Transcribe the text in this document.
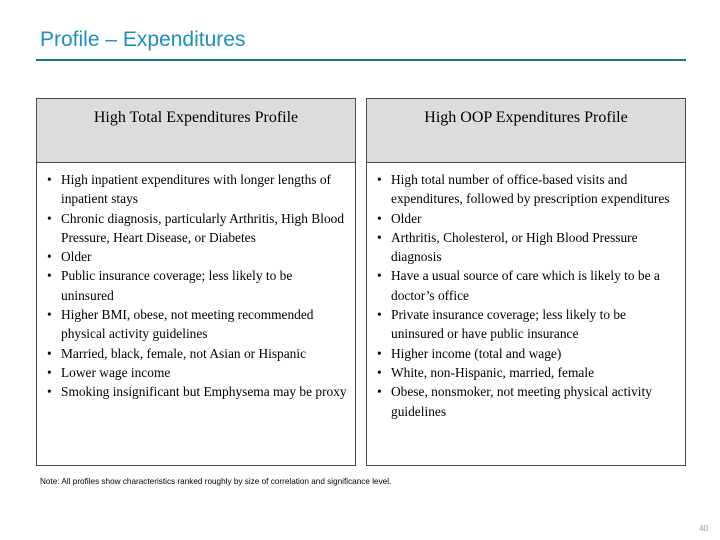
Profile – Expenditures
High Total Expenditures Profile
• High inpatient expenditures with longer lengths of inpatient stays
• Chronic diagnosis, particularly Arthritis, High Blood Pressure, Heart Disease, or Diabetes
• Older
• Public insurance coverage; less likely to be uninsured
• Higher BMI, obese, not meeting recommended physical activity guidelines
• Married, black, female, not Asian or Hispanic
• Lower wage income
• Smoking insignificant but Emphysema may be proxy
High OOP Expenditures Profile
• High total number of office-based visits and expenditures, followed by prescription expenditures
• Older
• Arthritis, Cholesterol, or High Blood Pressure diagnosis
• Have a usual source of care which is likely to be a doctor’s office
• Private insurance coverage; less likely to be uninsured or have public insurance
• Higher income (total and wage)
• White, non-Hispanic, married, female
• Obese, nonsmoker, not meeting physical activity guidelines
Note: All profiles show characteristics ranked roughly by size of correlation and significance level.
40
